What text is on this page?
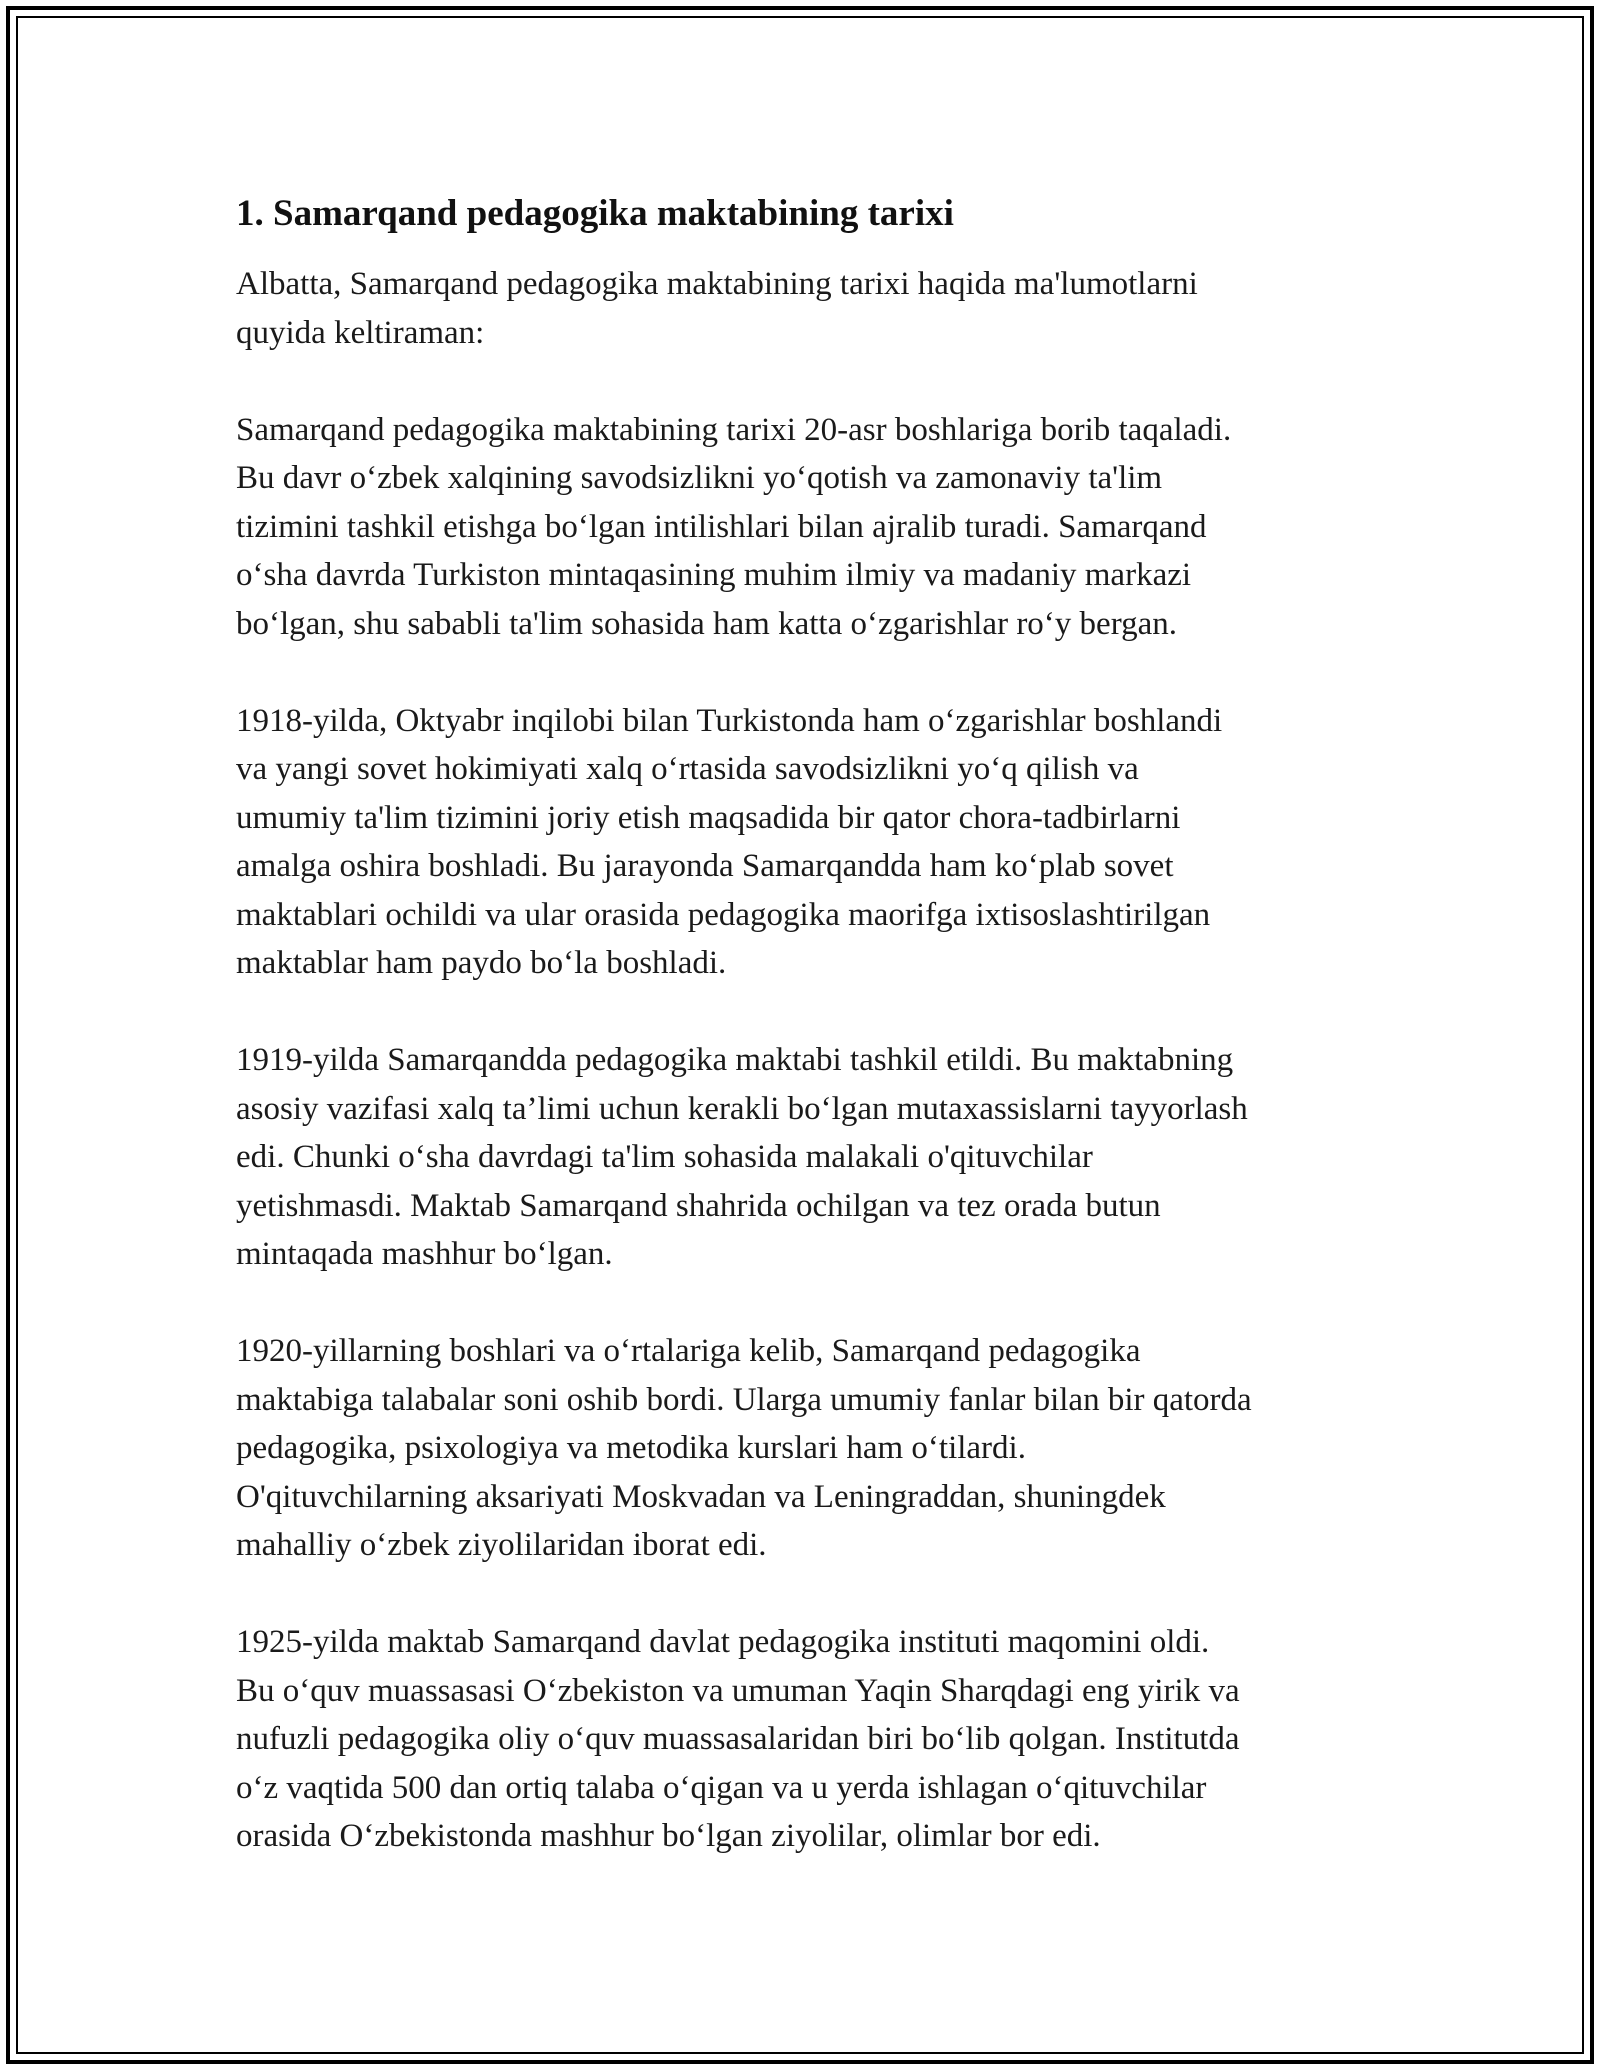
1. Samarqand pedagogika maktabining tarixi

Albatta, Samarqand pedagogika maktabining tarixi haqida ma'lumotlarni
quyida keltiraman:

Samarqand pedagogika maktabining tarixi 20-asr boshlariga borib taqaladi.
Bu davr o‘zbek xalqining savodsizlikni yo‘qotish va zamonaviy ta'lim
tizimini tashkil etishga bo‘lgan intilishlari bilan ajralib turadi. Samarqand
o‘sha davrda Turkiston mintaqasining muhim ilmiy va madaniy markazi
bo‘lgan, shu sababli ta'lim sohasida ham katta o‘zgarishlar ro‘y bergan.

1918-yilda, Oktyabr inqilobi bilan Turkistonda ham o‘zgarishlar boshlandi
va yangi sovet hokimiyati xalq o‘rtasida savodsizlikni yo‘q qilish va
umumiy ta'lim tizimini joriy etish maqsadida bir qator chora-tadbirlarni
amalga oshira boshladi. Bu jarayonda Samarqandda ham ko‘plab sovet
maktablari ochildi va ular orasida pedagogika maorifga ixtisoslashtirilgan
maktablar ham paydo bo‘la boshladi.

1919-yilda Samarqandda pedagogika maktabi tashkil etildi. Bu maktabning
asosiy vazifasi xalq ta’limi uchun kerakli bo‘lgan mutaxassislarni tayyorlash
edi. Chunki o‘sha davrdagi ta'lim sohasida malakali o'qituvchilar
yetishmasdi. Maktab Samarqand shahrida ochilgan va tez orada butun
mintaqada mashhur bo‘lgan.

1920-yillarning boshlari va o‘rtalariga kelib, Samarqand pedagogika
maktabiga talabalar soni oshib bordi. Ularga umumiy fanlar bilan bir qatorda
pedagogika, psixologiya va metodika kurslari ham o‘tilardi.
O'qituvchilarning aksariyati Moskvadan va Leningraddan, shuningdek
mahalliy o‘zbek ziyolilaridan iborat edi.

1925-yilda maktab Samarqand davlat pedagogika instituti maqomini oldi.
Bu o‘quv muassasasi O‘zbekiston va umuman Yaqin Sharqdagi eng yirik va
nufuzli pedagogika oliy o‘quv muassasalaridan biri bo‘lib qolgan. Institutda
o‘z vaqtida 500 dan ortiq talaba o‘qigan va u yerda ishlagan o‘qituvchilar
orasida O‘zbekistonda mashhur bo‘lgan ziyolilar, olimlar bor edi.
